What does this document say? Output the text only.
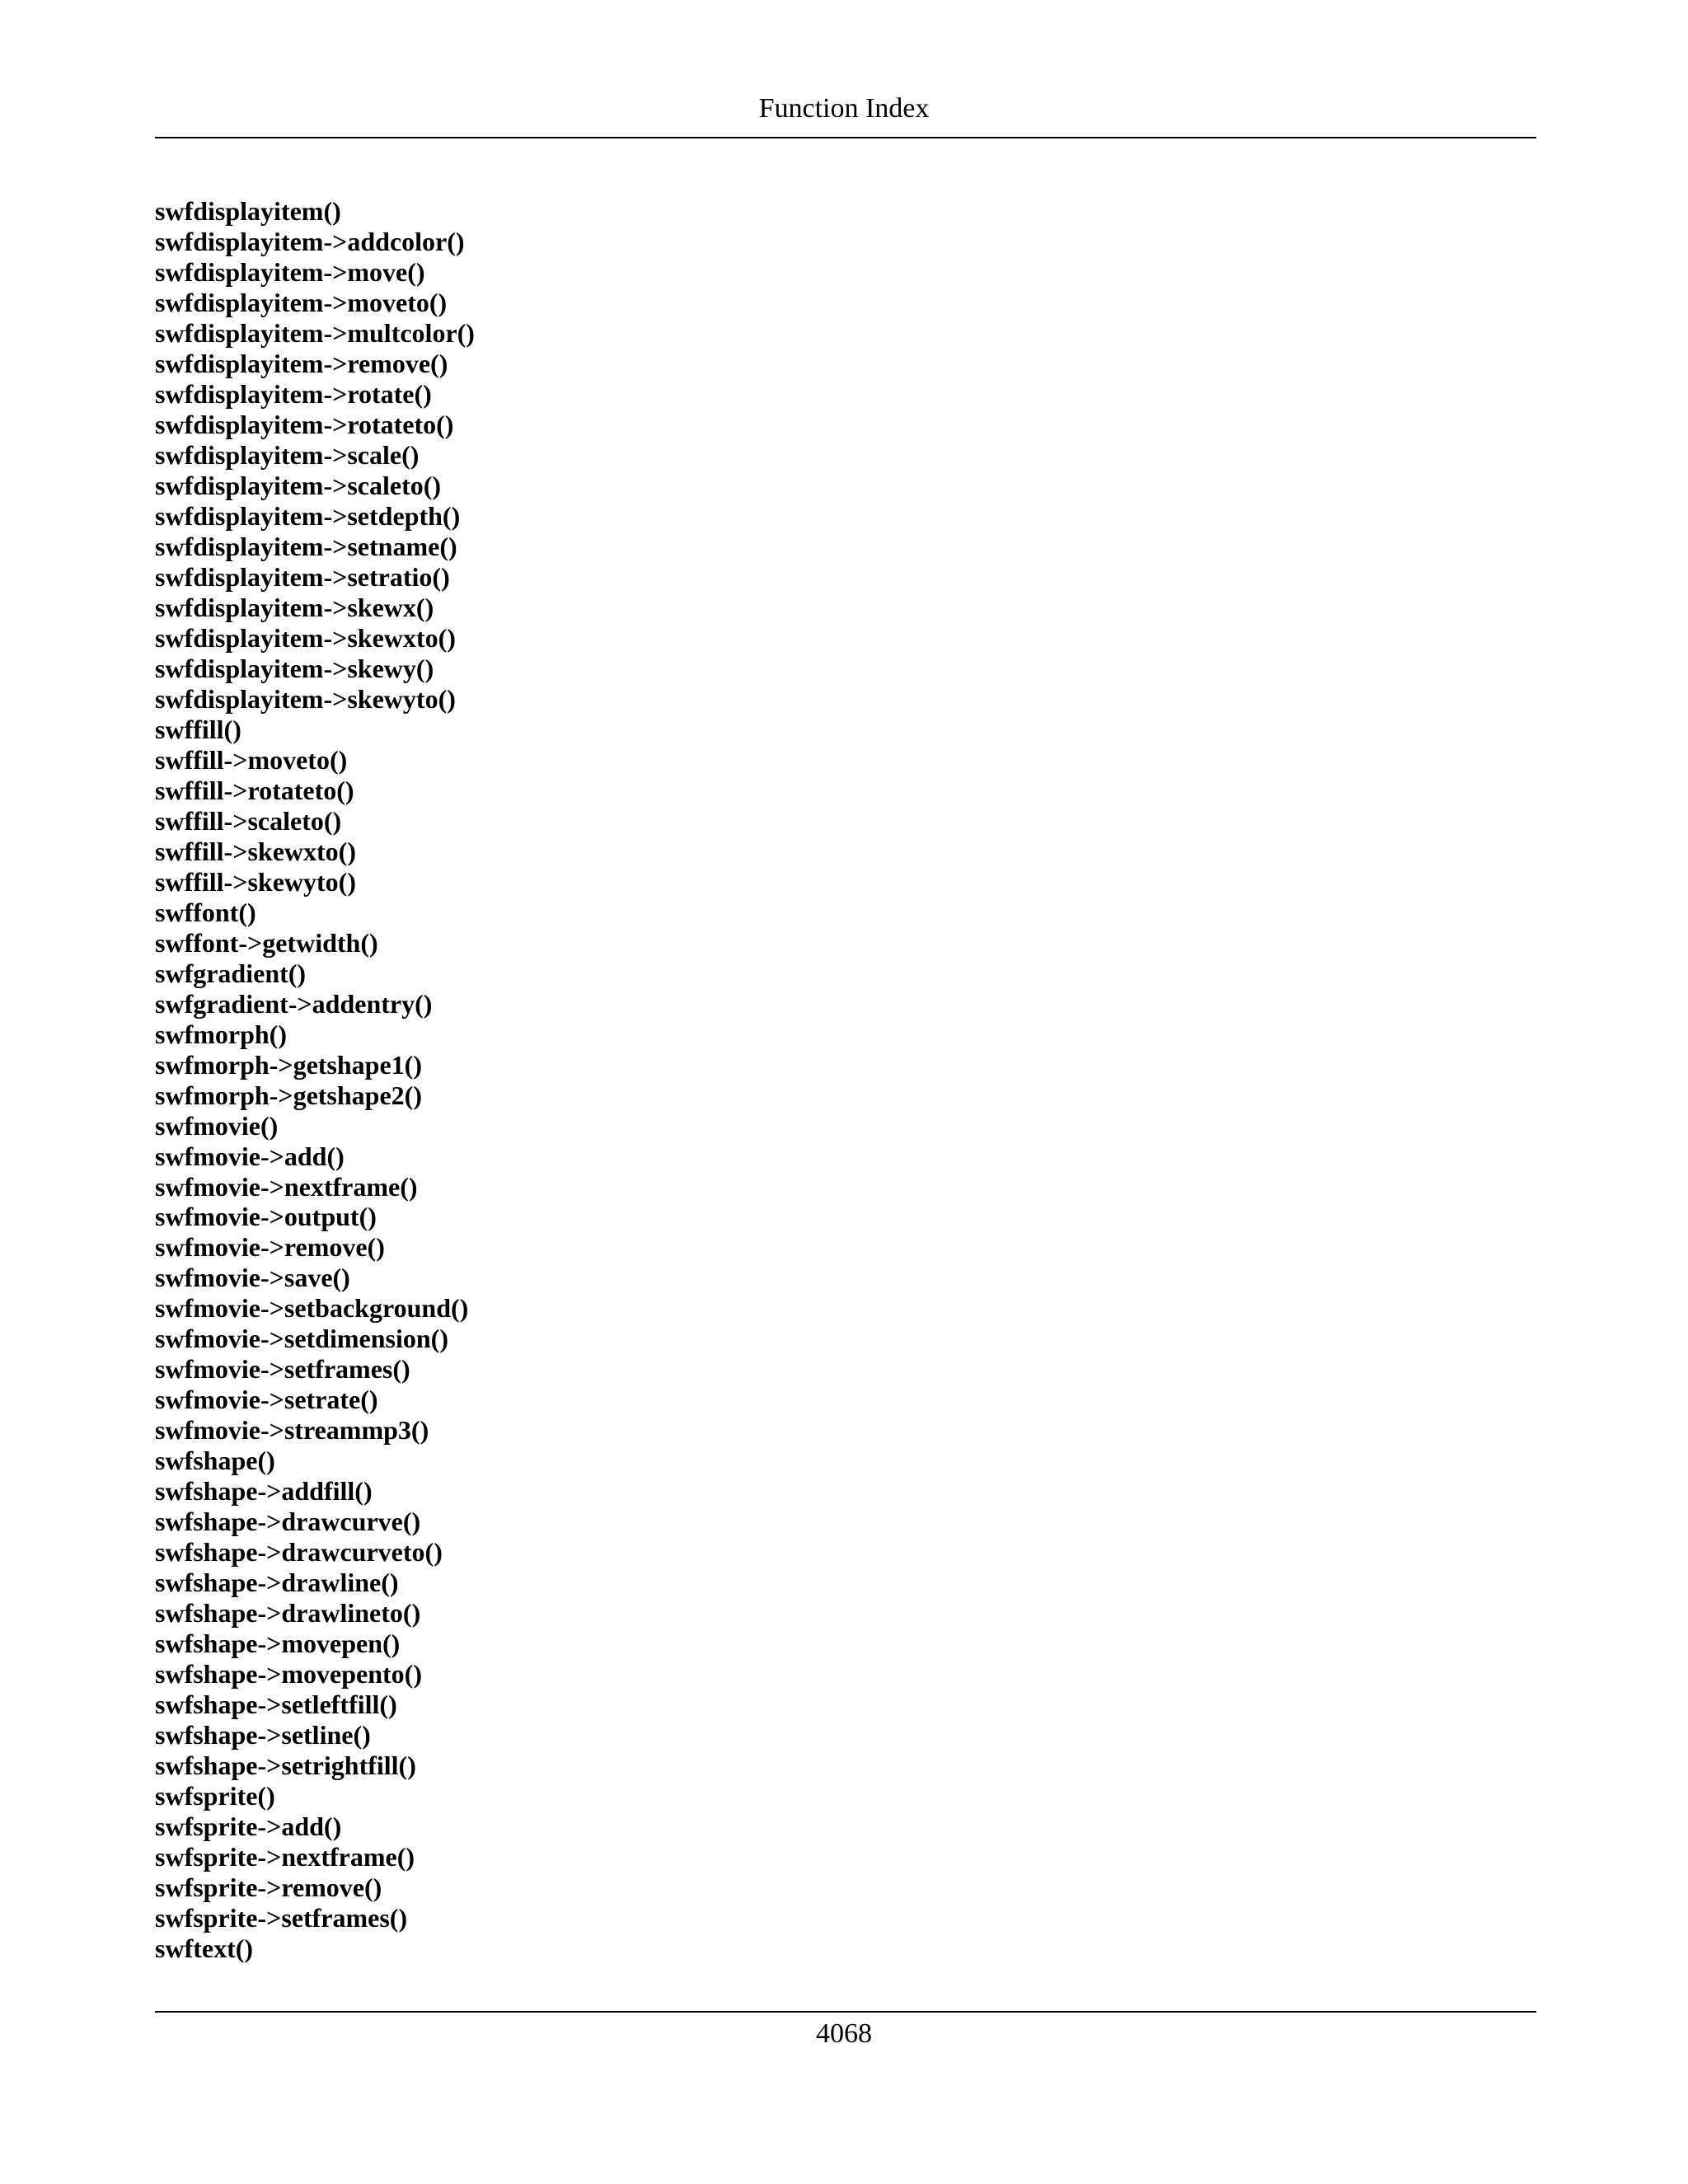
Function Index
swfdisplayitem()
swfdisplayitem->addcolor()
swfdisplayitem->move()
swfdisplayitem->moveto()
swfdisplayitem->multcolor()
swfdisplayitem->remove()
swfdisplayitem->rotate()
swfdisplayitem->rotateto()
swfdisplayitem->scale()
swfdisplayitem->scaleto()
swfdisplayitem->setdepth()
swfdisplayitem->setname()
swfdisplayitem->setratio()
swfdisplayitem->skewx()
swfdisplayitem->skewxto()
swfdisplayitem->skewy()
swfdisplayitem->skewyto()
swffill()
swffill->moveto()
swffill->rotateto()
swffill->scaleto()
swffill->skewxto()
swffill->skewyto()
swffont()
swffont->getwidth()
swfgradient()
swfgradient->addentry()
swfmorph()
swfmorph->getshape1()
swfmorph->getshape2()
swfmovie()
swfmovie->add()
swfmovie->nextframe()
swfmovie->output()
swfmovie->remove()
swfmovie->save()
swfmovie->setbackground()
swfmovie->setdimension()
swfmovie->setframes()
swfmovie->setrate()
swfmovie->streammp3()
swfshape()
swfshape->addfill()
swfshape->drawcurve()
swfshape->drawcurveto()
swfshape->drawline()
swfshape->drawlineto()
swfshape->movepen()
swfshape->movepento()
swfshape->setleftfill()
swfshape->setline()
swfshape->setrightfill()
swfsprite()
swfsprite->add()
swfsprite->nextframe()
swfsprite->remove()
swfsprite->setframes()
swftext()
4068
